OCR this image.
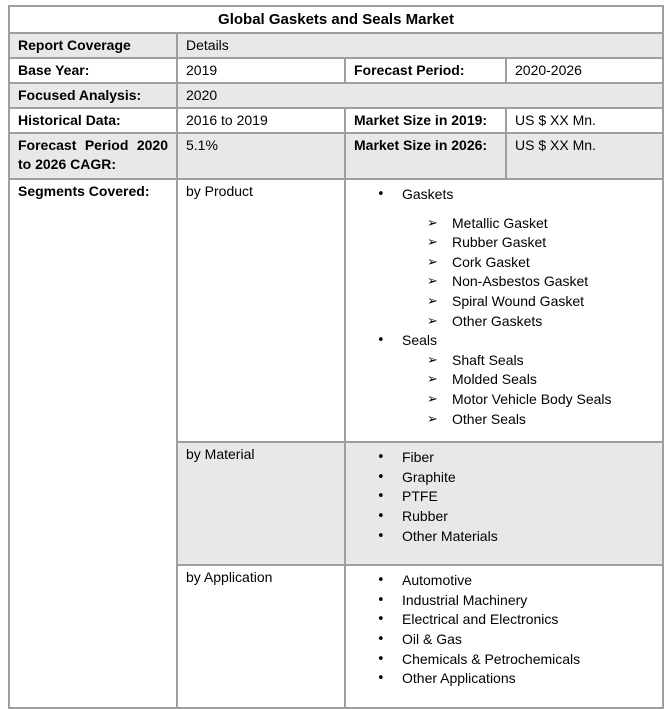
Global Gaskets and Seals Market			
Report Coverage	Details		
Base Year:	2019	Forecast Period:	2020-2026
Focused Analysis:	2020		
Historical Data:	2016 to 2019	Market Size in 2019:	US $ XX Mn.
Forecast Period 2020 to 2026 CAGR:	5.1%	Market Size in 2026:	US $ XX Mn.
Segments Covered:	by Product	•	Gaskets
➢	Metallic Gasket
➢	Rubber Gasket
➢	Cork Gasket
➢	Non-Asbestos Gasket
➢	Spiral Wound Gasket
➢	Other Gaskets
•	Seals
➢	Shaft Seals
➢	Molded Seals
➢	Motor Vehicle Body Seals
➢	Other Seals

by Material	•	Fiber
•	Graphite
•	PTFE
•	Rubber
•	Other Materials

by Application	•	Automotive
•	Industrial Machinery
•	Electrical and Electronics
•	Oil & Gas
•	Chemicals & Petrochemicals
•	Other Applications
